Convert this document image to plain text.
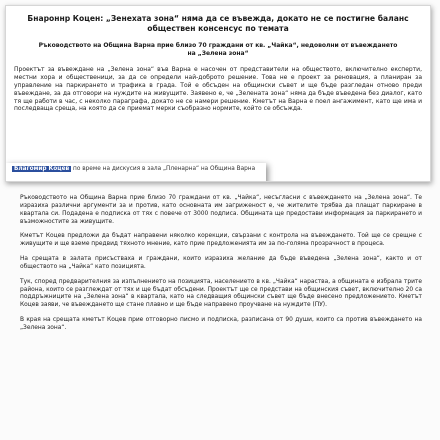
Бнароннр Коцен: „Зенехата зона“ няма да се въвежда, докато не се постигне баланс обществен консенсус по темата
Ръководството на Община Варна прие близо 70 граждани от кв. „Чайка“, недоволни от въвеждането на „Зелена зона“
Проектът за въвеждане на „Зелена зона“ във Варна е насочен от представители на обществото, включително експерти, местни хора и общественици, за да се определи най-доброто решение. Това не е проект за реновация, а планиран за управление на паркирането и трафика в града. Той е обсъден на общински съвет и ще бъде разгледан отново преди въвеждане, за да отговори на нуждите на живущите. Заявено е, че „Зелената зона“ няма да бъде въведена без диалог, като тя ще работи в час, с неколко параграфа, докато не се намери решение. Кметът на Варна е поел ангажимент, като ще има и последваща среща, на която да се приемат мерки съобразно нормите, който се обсъжда.
Благомир Коцев по време на дискусия в зала „Пленарна“ на Община Варна

Ръководството на Община Варна прие близо 70 граждани от кв. „Чайка“, несъгласни с въвеждането на „Зелена зона“. Те изразиха различни аргументи за и против, като основната им загриженост е, че жителите трябва да плащат паркиране в квартала си. Подадена е подписка от тях с повече от 3000 подписа. Общината ще предостави информация за паркирането и възможностите за живущите.

Кметът Коцев предложи да бъдат направени няколко корекции, свързани с контрола на въвеждането. Той ще се срещне с живущите и ще вземе предвид тяхното мнение, като прие предложенията им за по-голяма прозрачност в процеса.

На срещата в залата присъстваха и граждани, които изразиха желание да бъде въведена „Зелена зона“, както и от обществото на „Чайка“ като позицията.

Тук, според предварителния за изпълнението на позицията, населението в кв. „Чайка“ нараства, а общината е избрала трите района, които се разглеждат от тях и ще бъдат обсъдени. Проектът ще се представи на общинския съвет, включително 20 са поддръжниците на „Зелена зона“ в квартала, като на следващия общински съвет ще бъде внесено предложението. Кметът Коцев заяви, че въвеждането ще стане плавно и ще бъде направено проучване на нуждите (ПУ).

В края на срещата кметът Коцев прие отговорно писмо и подписка, разписана от 90 души, които са против въвеждането на „Зелена зона“.
